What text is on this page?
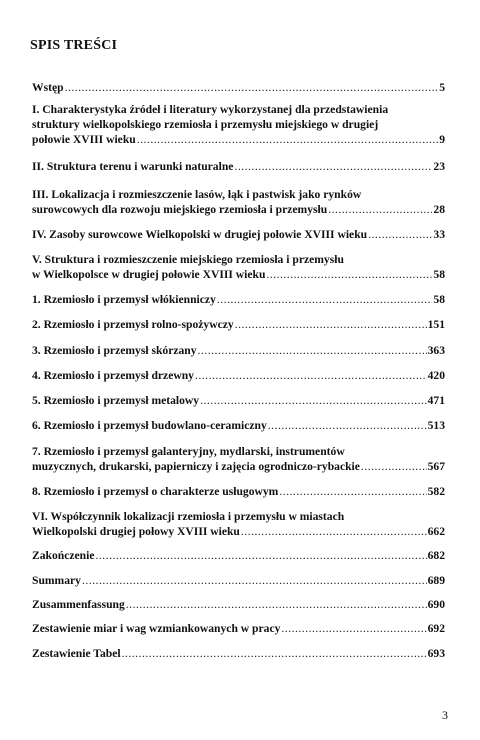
SPIS TREŚCI
Wstęp .....	5
I. Charakterystyka źródeł i literatury wykorzystanej dla przedstawienia
struktury wielkopolskiego rzemiosła i przemysłu miejskiego w drugiej
połowie XVIII wieku .....	9
II. Struktura terenu i warunki naturalne .....	23
III. Lokalizacja i rozmieszczenie lasów, łąk i pastwisk jako rynków
surowcowych dla rozwoju miejskiego rzemiosła i przemysłu .....	28
IV. Zasoby surowcowe Wielkopolski w drugiej połowie XVIII wieku .....	33
V. Struktura i rozmieszczenie miejskiego rzemiosła i przemysłu
w Wielkopolsce w drugiej połowie XVIII wieku .....	58
1. Rzemiosło i przemysł włókienniczy .....	58
2. Rzemiosło i przemysł rolno-spożywczy .....	151
3. Rzemiosło i przemysł skórzany .....	363
4. Rzemiosło i przemysł drzewny .....	420
5. Rzemiosło i przemysł metalowy .....	471
6. Rzemiosło i przemysł budowlano-ceramiczny .....	513
7. Rzemiosło i przemysł galanteryjny, mydlarski, instrumentów
muzycznych, drukarski, papierniczy i zajęcia ogrodniczo-rybackie .....	567
8. Rzemiosło i przemysł o charakterze usługowym .....	582
VI. Współczynnik lokalizacji rzemiosła i przemysłu w miastach
Wielkopolski drugiej połowy XVIII wieku .....	662
Zakończenie .....	682
Summary .....	689
Zusammenfassung .....	690
Zestawienie miar i wag wzmiankowanych w pracy .....	692
Zestawienie Tabel .....	693
3
